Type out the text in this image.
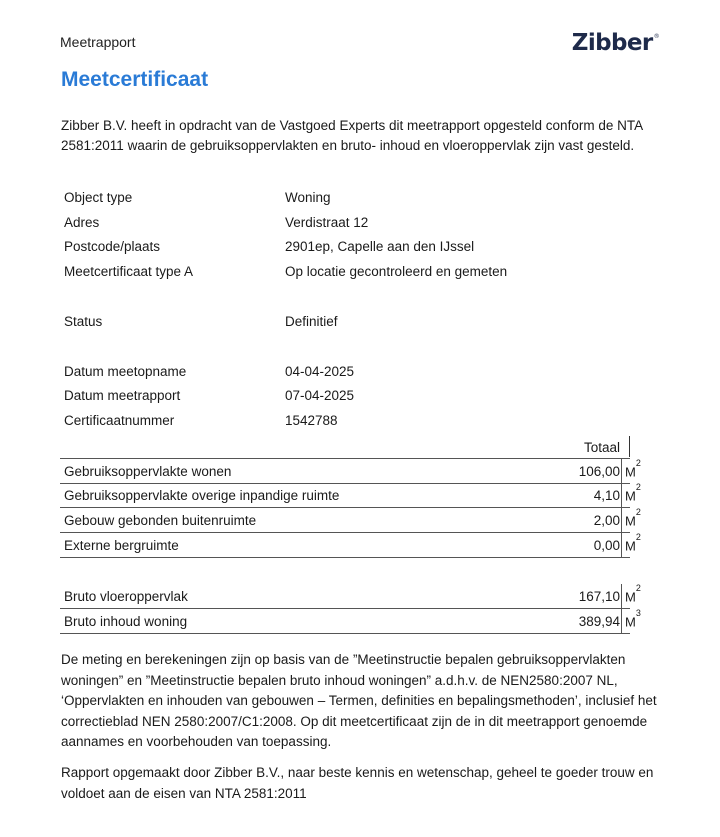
Meetrapport	Zibber®
Meetcertificaat

Zibber B.V. heeft in opdracht van de Vastgoed Experts dit meetrapport opgesteld conform de NTA 2581:2011 waarin de gebruiksoppervlakten en bruto- inhoud en vloeroppervlak zijn vast gesteld.

Object type	Woning
Adres	Verdistraat 12
Postcode/plaats	2901ep, Capelle aan den IJssel
Meetcertificaat type A	Op locatie gecontroleerd en gemeten
Status	Definitief
Datum meetopname	04-04-2025
Datum meetrapport	07-04-2025
Certificaatnummer	1542788
Totaal
Gebruiksoppervlakte wonen	106,00 $M^2$
Gebruiksoppervlakte overige inpandige ruimte	4,10 $M^2$
Gebouw gebonden buitenruimte	2,00 $M^2$
Externe bergruimte	0,00 $M^2$
Bruto vloeroppervlak	167,10 $M^2$
Bruto inhoud woning	389,94 $M^3$

De meting en berekeningen zijn op basis van de ”Meetinstructie bepalen gebruiksoppervlakten woningen” en ”Meetinstructie bepalen bruto inhoud woningen” a.d.h.v. de NEN2580:2007 NL, ‘Oppervlakten en inhouden van gebouwen – Termen, definities en bepalingsmethoden’, inclusief het correctieblad NEN 2580:2007/C1:2008. Op dit meetcertificaat zijn de in dit meetrapport genoemde aannames en voorbehouden van toepassing.

Rapport opgemaakt door Zibber B.V., naar beste kennis en wetenschap, geheel te goeder trouw en voldoet aan de eisen van NTA 2581:2011
